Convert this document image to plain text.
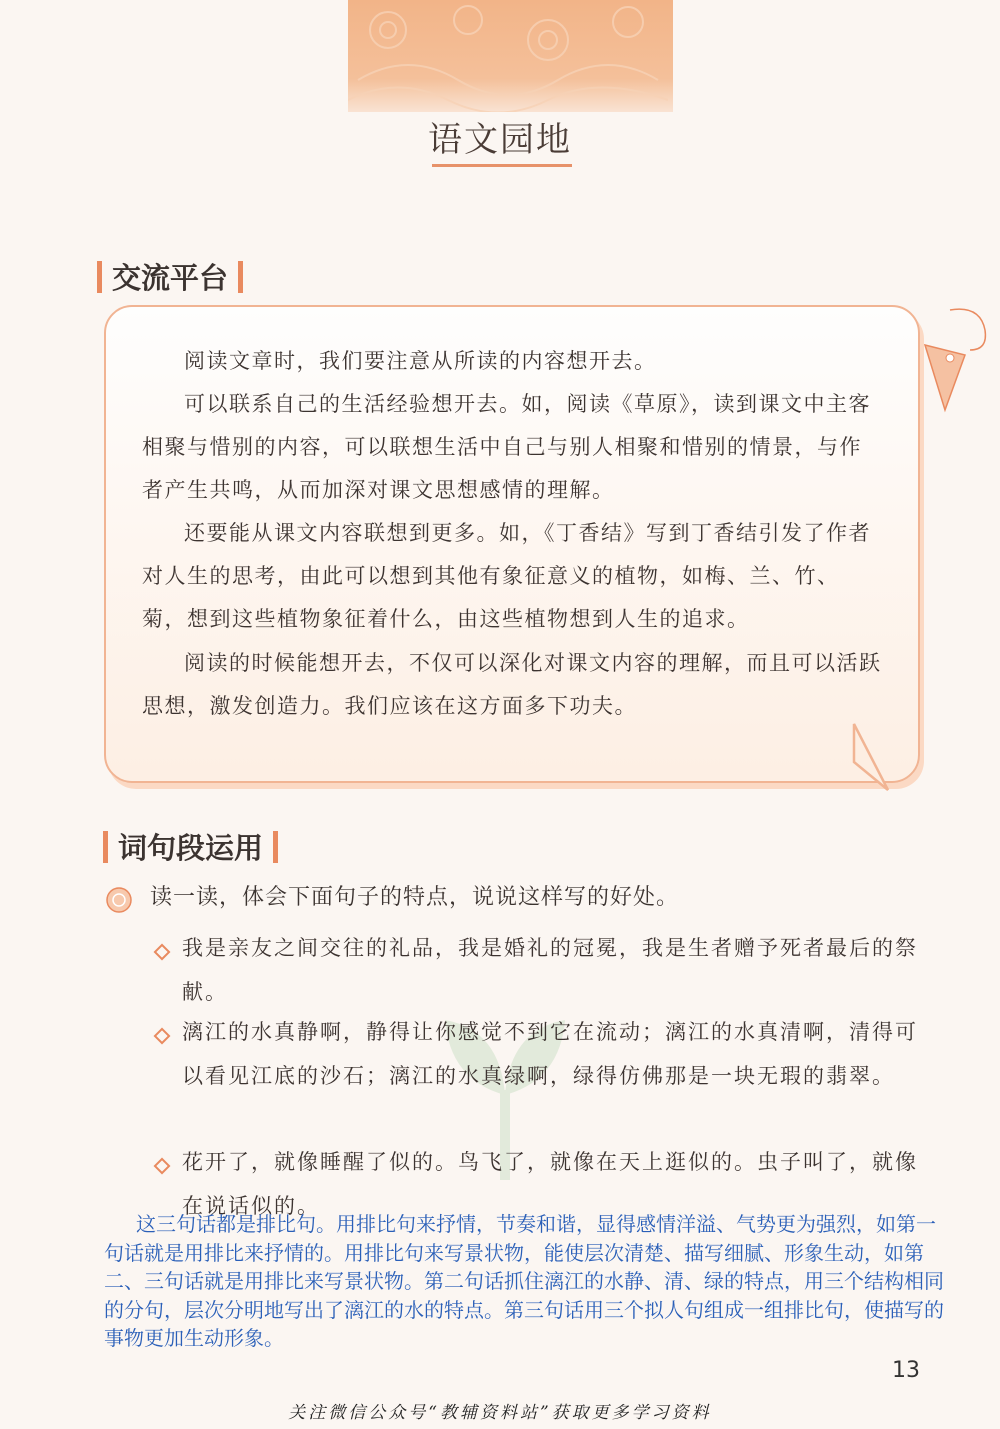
语文园地
交流平台
阅读文章时，我们要注意从所读的内容想开去。
可以联系自己的生活经验想开去。如，阅读《草原》，读到课文中主客相聚与惜别的内容，可以联想生活中自己与别人相聚和惜别的情景，与作者产生共鸣，从而加深对课文思想感情的理解。
还要能从课文内容联想到更多。如，《丁香结》写到丁香结引发了作者对人生的思考，由此可以想到其他有象征意义的植物，如梅、兰、竹、菊，想到这些植物象征着什么，由这些植物想到人生的追求。
阅读的时候能想开去，不仅可以深化对课文内容的理解，而且可以活跃思想，激发创造力。我们应该在这方面多下功夫。
词句段运用
读一读，体会下面句子的特点，说说这样写的好处。
我是亲友之间交往的礼品，我是婚礼的冠冕，我是生者赠予死者最后的祭献。
漓江的水真静啊，静得让你感觉不到它在流动；漓江的水真清啊，清得可以看见江底的沙石；漓江的水真绿啊，绿得仿佛那是一块无瑕的翡翠。
花开了，就像睡醒了似的。鸟飞了，就像在天上逛似的。虫子叫了，就像在说话似的。
这三句话都是排比句。用排比句来抒情，节奏和谐，显得感情洋溢、气势更为强烈，如第一句话就是用排比来抒情的。用排比句来写景状物，能使层次清楚、描写细腻、形象生动，如第二、三句话就是用排比来写景状物。第二句话抓住漓江的水静、清、绿的特点，用三个结构相同的分句，层次分明地写出了漓江的水的特点。第三句话用三个拟人句组成一组排比句，使描写的事物更加生动形象。
13
关注微信公众号“教辅资料站”获取更多学习资料
